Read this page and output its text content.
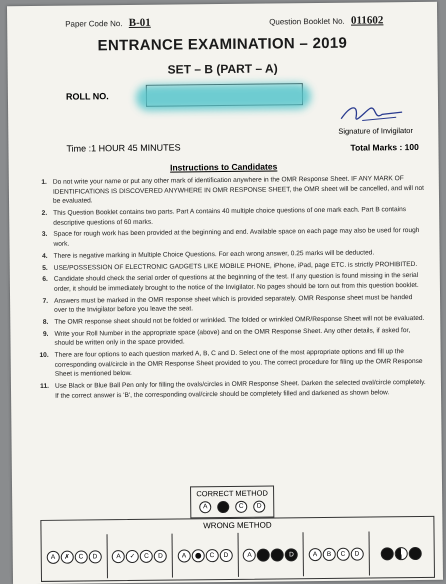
Paper Code No. B-01	Question Booklet No. 011602
ENTRANCE EXAMINATION – 2019
SET – B (PART – A)
ROLL NO.
Signature of Invigilator
Time :1 HOUR 45 MINUTES	Total Marks : 100
Instructions to Candidates
1. Do not write your name or put any other mark of identification anywhere in the OMR Response Sheet. IF ANY MARK OF IDENTIFICATIONS IS DISCOVERED ANYWHERE IN OMR RESPONSE SHEET, the OMR sheet will be cancelled, and will not be evaluated.
2. This Question Booklet contains two parts. Part A contains 40 multiple choice questions of one mark each. Part B contains descriptive questions of 60 marks.
3. Space for rough work has been provided at the beginning and end. Available space on each page may also be used for rough work.
4. There is negative marking in Multiple Choice Questions. For each wrong answer, 0.25 marks will be deducted.
5. USE/POSSESSION OF ELECTRONIC GADGETS LIKE MOBILE PHONE, iPhone, iPad, page ETC. is strictly PROHIBITED.
6. Candidate should check the serial order of questions at the beginning of the test. If any question is found missing in the serial order, it should be immediately brought to the notice of the Invigilator. No pages should be torn out from this question booklet.
7. Answers must be marked in the OMR response sheet which is provided separately. OMR Response sheet must be handed over to the Invigilator before you leave the seat.
8. The OMR response sheet should not be folded or wrinkled. The folded or wrinkled OMR/Response Sheet will not be evaluated.
9. Write your Roll Number in the appropriate space (above) and on the OMR Response Sheet. Any other details, if asked for, should be written only in the space provided.
10. There are four options to each question marked A, B, C and D. Select one of the most appropriate options and fill up the corresponding oval/circle in the OMR Response Sheet provided to you. The correct procedure for filing up the OMR Response Sheet is mentioned below.
11. Use Black or Blue Ball Pen only for filling the ovals/circles in OMR Response Sheet. Darken the selected oval/circle completely. If the correct answer is 'B', the corresponding oval/circle should be completely filled and darkened as shown below.
CORRECT METHOD
A	C	D
WRONG METHOD
A ✗	C	D	A ✓	C	D	A	C	D	A	D	A	B	C	D
